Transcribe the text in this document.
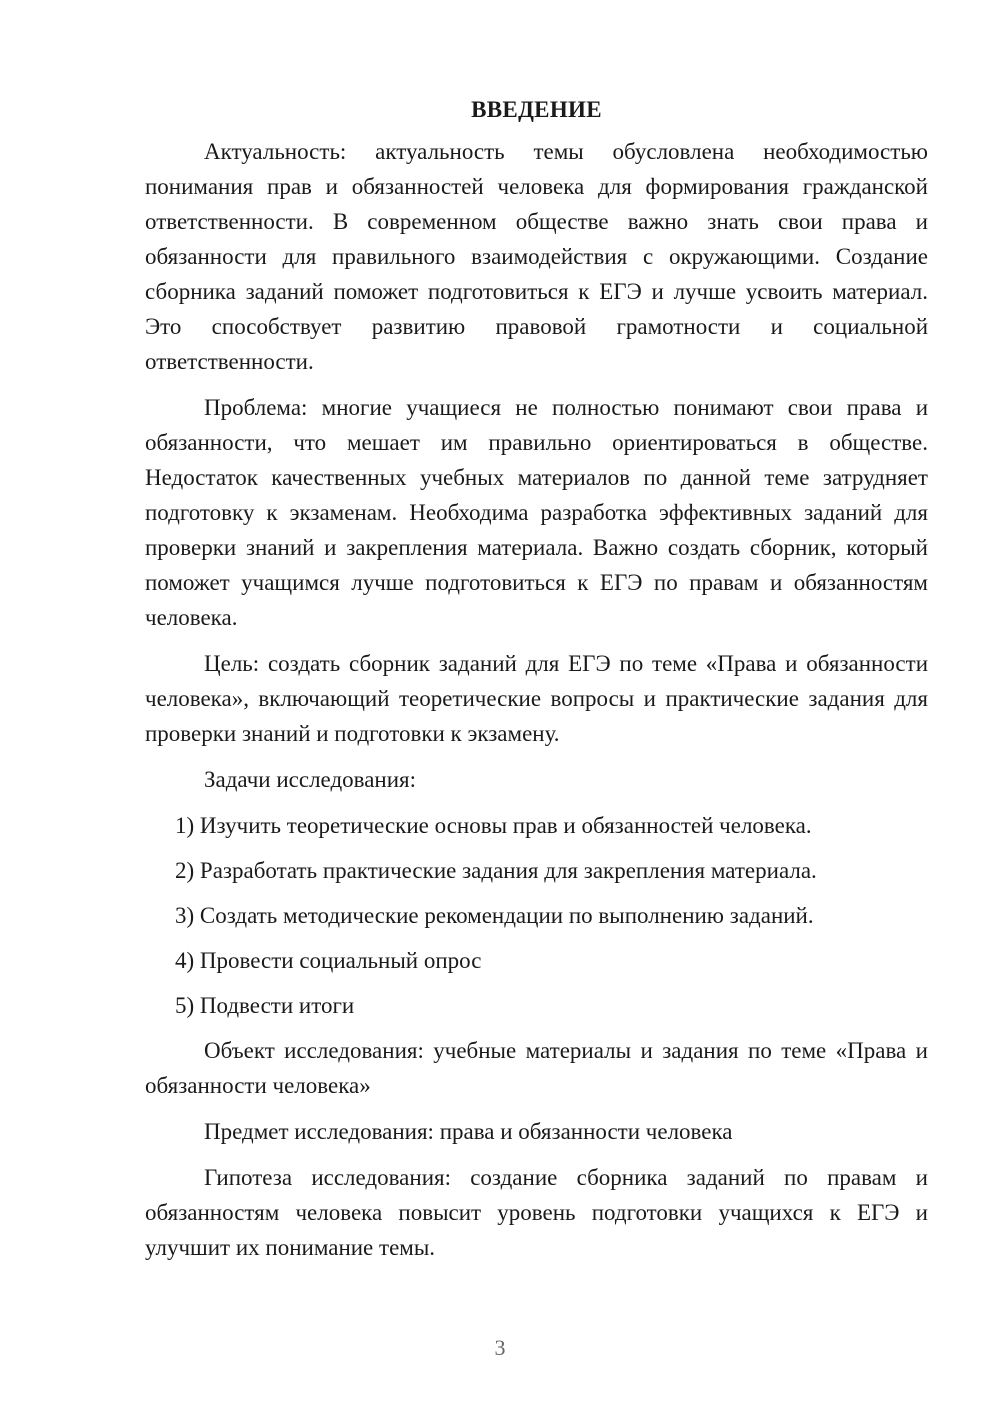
ВВЕДЕНИЕ

Актуальность: актуальность темы обусловлена необходимостью понимания прав и обязанностей человека для формирования гражданской ответственности. В современном обществе важно знать свои права и обязанности для правильного взаимодействия с окружающими. Создание сборника заданий поможет подготовиться к ЕГЭ и лучше усвоить материал. Это способствует развитию правовой грамотности и социальной ответственности.

Проблема: многие учащиеся не полностью понимают свои права и обязанности, что мешает им правильно ориентироваться в обществе. Недостаток качественных учебных материалов по данной теме затрудняет подготовку к экзаменам. Необходима разработка эффективных заданий для проверки знаний и закрепления материала. Важно создать сборник, который поможет учащимся лучше подготовиться к ЕГЭ по правам и обязанностям человека.

Цель: создать сборник заданий для ЕГЭ по теме «Права и обязанности человека», включающий теоретические вопросы и практические задания для проверки знаний и подготовки к экзамену.

Задачи исследования:

1) Изучить теоретические основы прав и обязанностей человека.
2) Разработать практические задания для закрепления материала.
3) Создать методические рекомендации по выполнению заданий.
4) Провести социальный опрос
5) Подвести итоги

Объект исследования: учебные материалы и задания по теме «Права и обязанности человека»

Предмет исследования: права и обязанности человека

Гипотеза исследования: создание сборника заданий по правам и обязанностям человека повысит уровень подготовки учащихся к ЕГЭ и улучшит их понимание темы.

3
